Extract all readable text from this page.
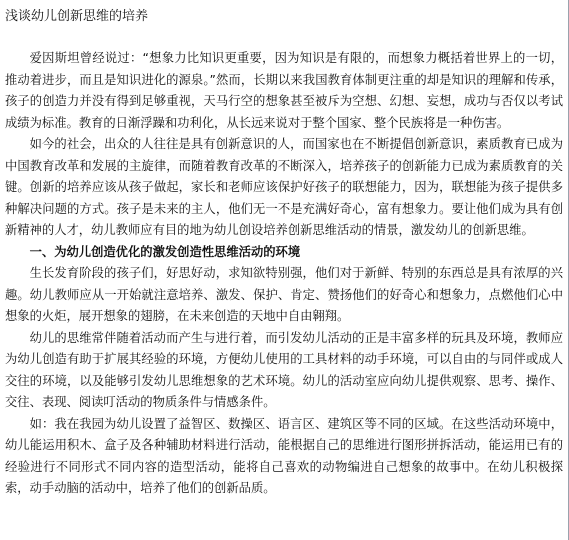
浅谈幼儿创新思维的培养

爱因斯坦曾经说过：“想象力比知识更重要，因为知识是有限的，而想象力概括着世界上的一切，推动着进步，而且是知识进化的源泉。”然而，长期以来我国教育体制更注重的却是知识的理解和传承，孩子的创造力并没有得到足够重视，天马行空的想象甚至被斥为空想、幻想、妄想，成功与否仅以考试成绩为标准。教育的日渐浮躁和功利化，从长远来说对于整个国家、整个民族将是一种伤害。

如今的社会，出众的人往往是具有创新意识的人，而国家也在不断提倡创新意识，素质教育已成为中国教育改革和发展的主旋律，而随着教育改革的不断深入，培养孩子的创新能力已成为素质教育的关键。创新的培养应该从孩子做起，家长和老师应该保护好孩子的联想能力，因为，联想能为孩子提供多种解决问题的方式。孩子是未来的主人，他们无一不是充满好奇心，富有想象力。要让他们成为具有创新精神的人才，幼儿教师应有目的地为幼儿创设培养创新思维活动的情景，激发幼儿的创新思维。

一、为幼儿创造优化的激发创造性思维活动的环境

生长发育阶段的孩子们，好思好动，求知欲特别强，他们对于新鲜、特别的东西总是具有浓厚的兴趣。幼儿教师应从一开始就注意培养、激发、保护、肯定、赞扬他们的好奇心和想象力，点燃他们心中想象的火炬，展开想象的翅膀，在未来创造的天地中自由翱翔。

幼儿的思维常伴随着活动而产生与进行着，而引发幼儿活动的正是丰富多样的玩具及环境，教师应为幼儿创造有助于扩展其经验的环境，方便幼儿使用的工具材料的动手环境，可以自由的与同伴或成人交往的环境，以及能够引发幼儿思维想象的艺术环境。幼儿的活动室应向幼儿提供观察、思考、操作、交往、表现、阅读叮活动的物质条件与情感条件。

如：我在我园为幼儿设置了益智区、数操区、语言区、建筑区等不同的区域。在这些活动环境中，幼儿能运用积木、盒子及各种辅助材料进行活动，能根据自己的思维进行图形拼拆活动，能运用已有的经验进行不同形式不同内容的造型活动，能将自己喜欢的动物编进自己想象的故事中。在幼儿积极探索，动手动脑的活动中，培养了他们的创新品质。
